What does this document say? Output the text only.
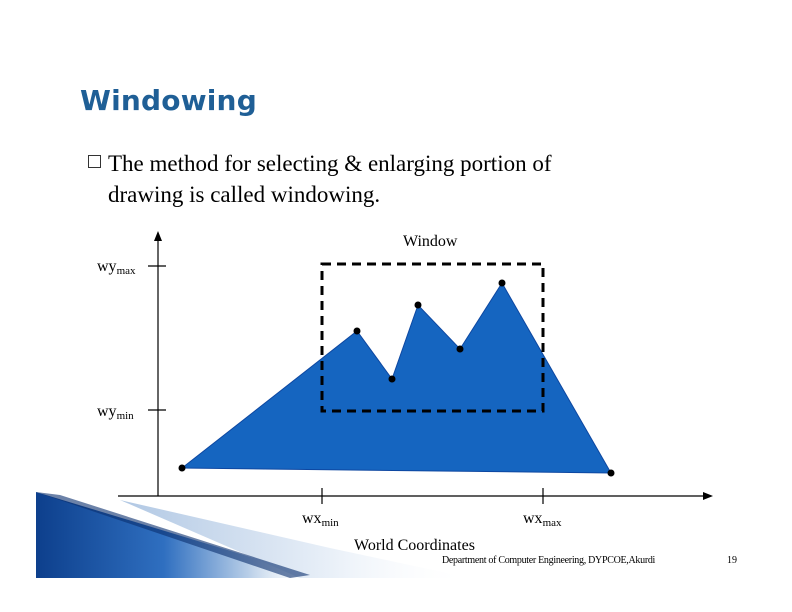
Window
wymax
wymin
wxmin	wxmax
World Coordinates
Windowing
The method for selecting & enlarging portion of
drawing is called windowing.
Department of Computer Engineering, DYPCOE,Akurdi	19
